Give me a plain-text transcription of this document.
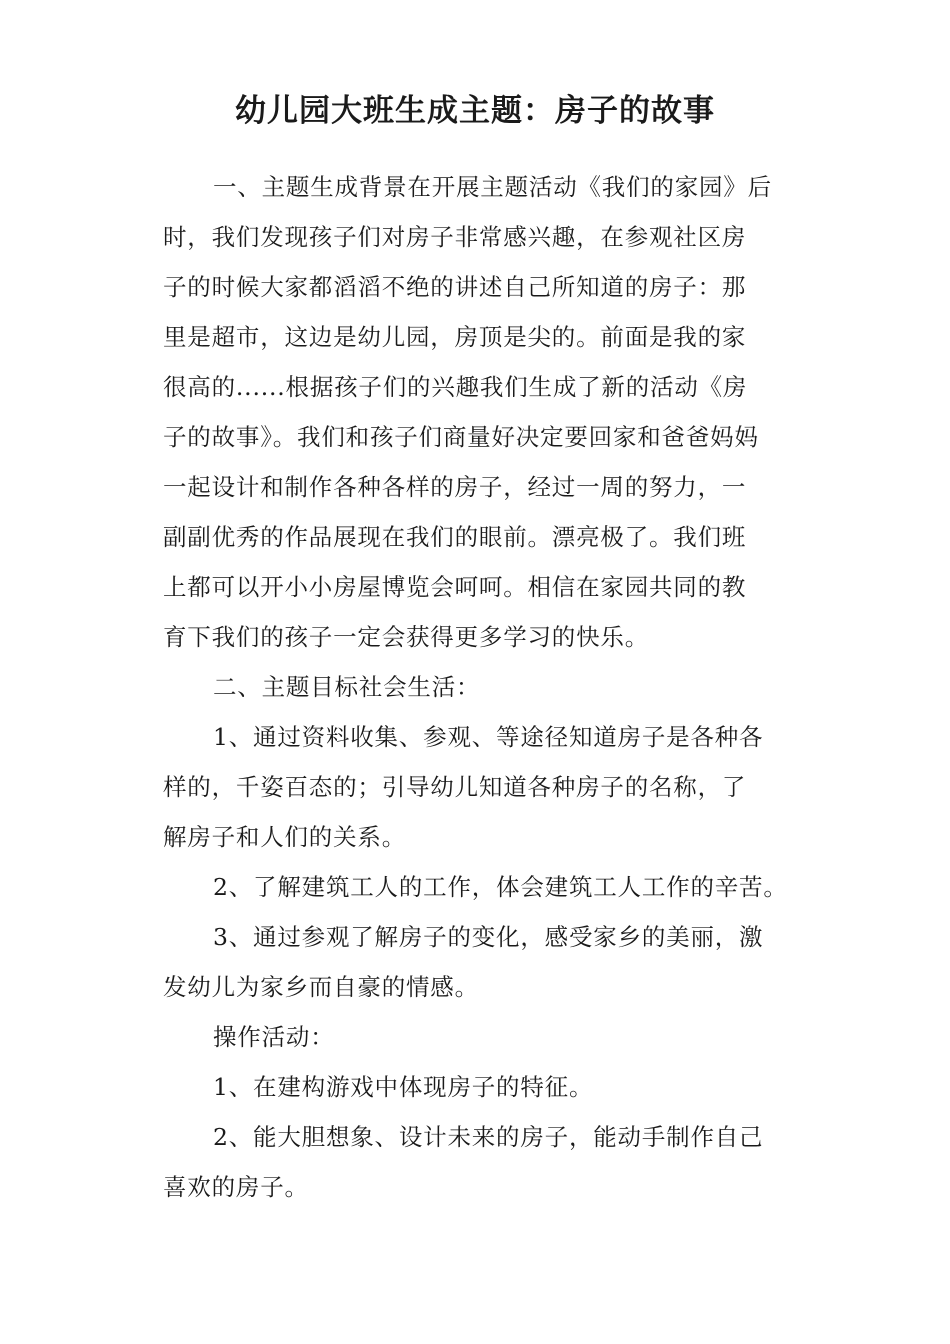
幼儿园大班生成主题：房子的故事
一、主题生成背景在开展主题活动《我们的家园》后
时，我们发现孩子们对房子非常感兴趣，在参观社区房
子的时候大家都滔滔不绝的讲述自己所知道的房子：那
里是超市，这边是幼儿园，房顶是尖的。前面是我的家
很高的......根据孩子们的兴趣我们生成了新的活动《房
子的故事》。我们和孩子们商量好决定要回家和爸爸妈妈
一起设计和制作各种各样的房子，经过一周的努力，一
副副优秀的作品展现在我们的眼前。漂亮极了。我们班
上都可以开小小房屋博览会呵呵。相信在家园共同的教
育下我们的孩子一定会获得更多学习的快乐。
二、主题目标社会生活：
1、通过资料收集、参观、等途径知道房子是各种各
样的，千姿百态的；引导幼儿知道各种房子的名称，了
解房子和人们的关系。
2、了解建筑工人的工作，体会建筑工人工作的辛苦。
3、通过参观了解房子的变化，感受家乡的美丽，激
发幼儿为家乡而自豪的情感。
操作活动：
1、在建构游戏中体现房子的特征。
2、能大胆想象、设计未来的房子，能动手制作自己
喜欢的房子。
